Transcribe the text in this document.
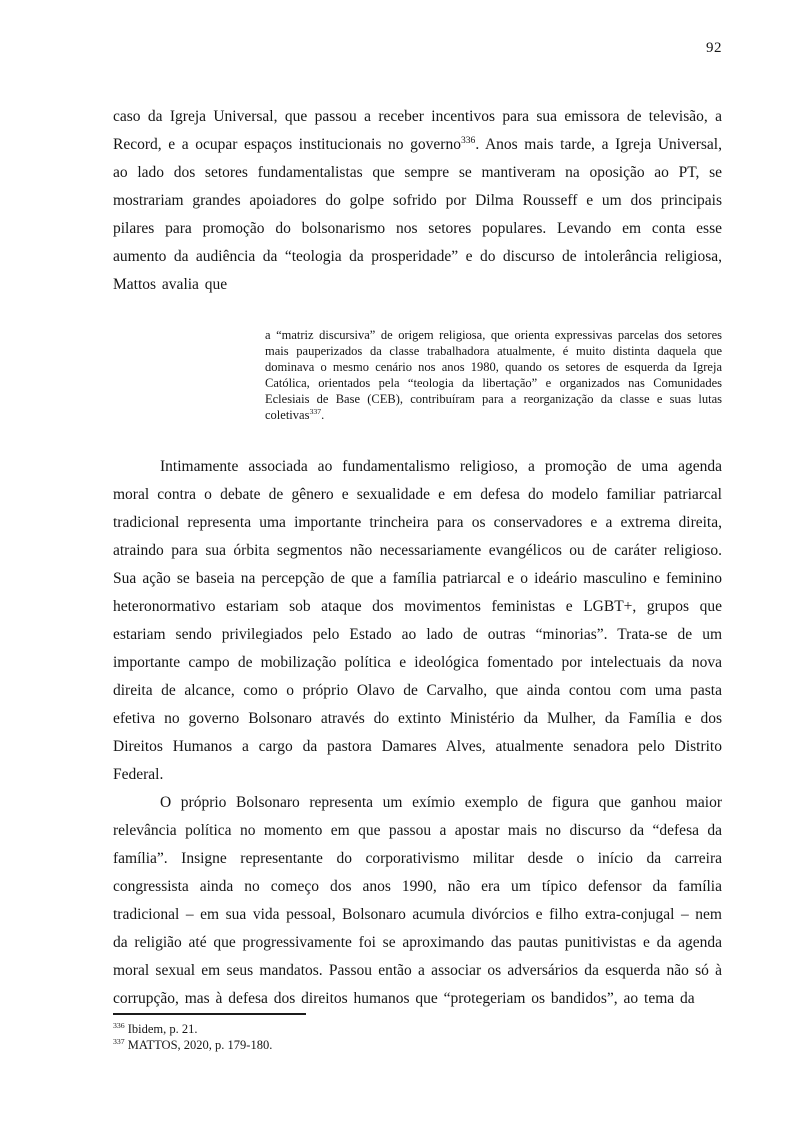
92

caso da Igreja Universal, que passou a receber incentivos para sua emissora de televisão, a Record, e a ocupar espaços institucionais no governo$^{336}$. Anos mais tarde, a Igreja Universal, ao lado dos setores fundamentalistas que sempre se mantiveram na oposição ao PT, se mostrariam grandes apoiadores do golpe sofrido por Dilma Rousseff e um dos principais pilares para promoção do bolsonarismo nos setores populares. Levando em conta esse aumento da audiência da “teologia da prosperidade” e do discurso de intolerância religiosa, Mattos avalia que

a “matriz discursiva” de origem religiosa, que orienta expressivas parcelas dos setores mais pauperizados da classe trabalhadora atualmente, é muito distinta daquela que dominava o mesmo cenário nos anos 1980, quando os setores de esquerda da Igreja Católica, orientados pela “teologia da libertação” e organizados nas Comunidades Eclesiais de Base (CEB), contribuíram para a reorganização da classe e suas lutas coletivas$^{337}$.

Intimamente associada ao fundamentalismo religioso, a promoção de uma agenda moral contra o debate de gênero e sexualidade e em defesa do modelo familiar patriarcal tradicional representa uma importante trincheira para os conservadores e a extrema direita, atraindo para sua órbita segmentos não necessariamente evangélicos ou de caráter religioso. Sua ação se baseia na percepção de que a família patriarcal e o ideário masculino e feminino heteronormativo estariam sob ataque dos movimentos feministas e LGBT+, grupos que estariam sendo privilegiados pelo Estado ao lado de outras “minorias”. Trata-se de um importante campo de mobilização política e ideológica fomentado por intelectuais da nova direita de alcance, como o próprio Olavo de Carvalho, que ainda contou com uma pasta efetiva no governo Bolsonaro através do extinto Ministério da Mulher, da Família e dos Direitos Humanos a cargo da pastora Damares Alves, atualmente senadora pelo Distrito Federal.

O próprio Bolsonaro representa um exímio exemplo de figura que ganhou maior relevância política no momento em que passou a apostar mais no discurso da “defesa da família”. Insigne representante do corporativismo militar desde o início da carreira congressista ainda no começo dos anos 1990, não era um típico defensor da família tradicional – em sua vida pessoal, Bolsonaro acumula divórcios e filho extra-conjugal – nem da religião até que progressivamente foi se aproximando das pautas punitivistas e da agenda moral sexual em seus mandatos. Passou então a associar os adversários da esquerda não só à corrupção, mas à defesa dos direitos humanos que “protegeriam os bandidos”, ao tema da

$^{336}$ Ibidem, p. 21.

$^{337}$ MATTOS, 2020, p. 179-180.
